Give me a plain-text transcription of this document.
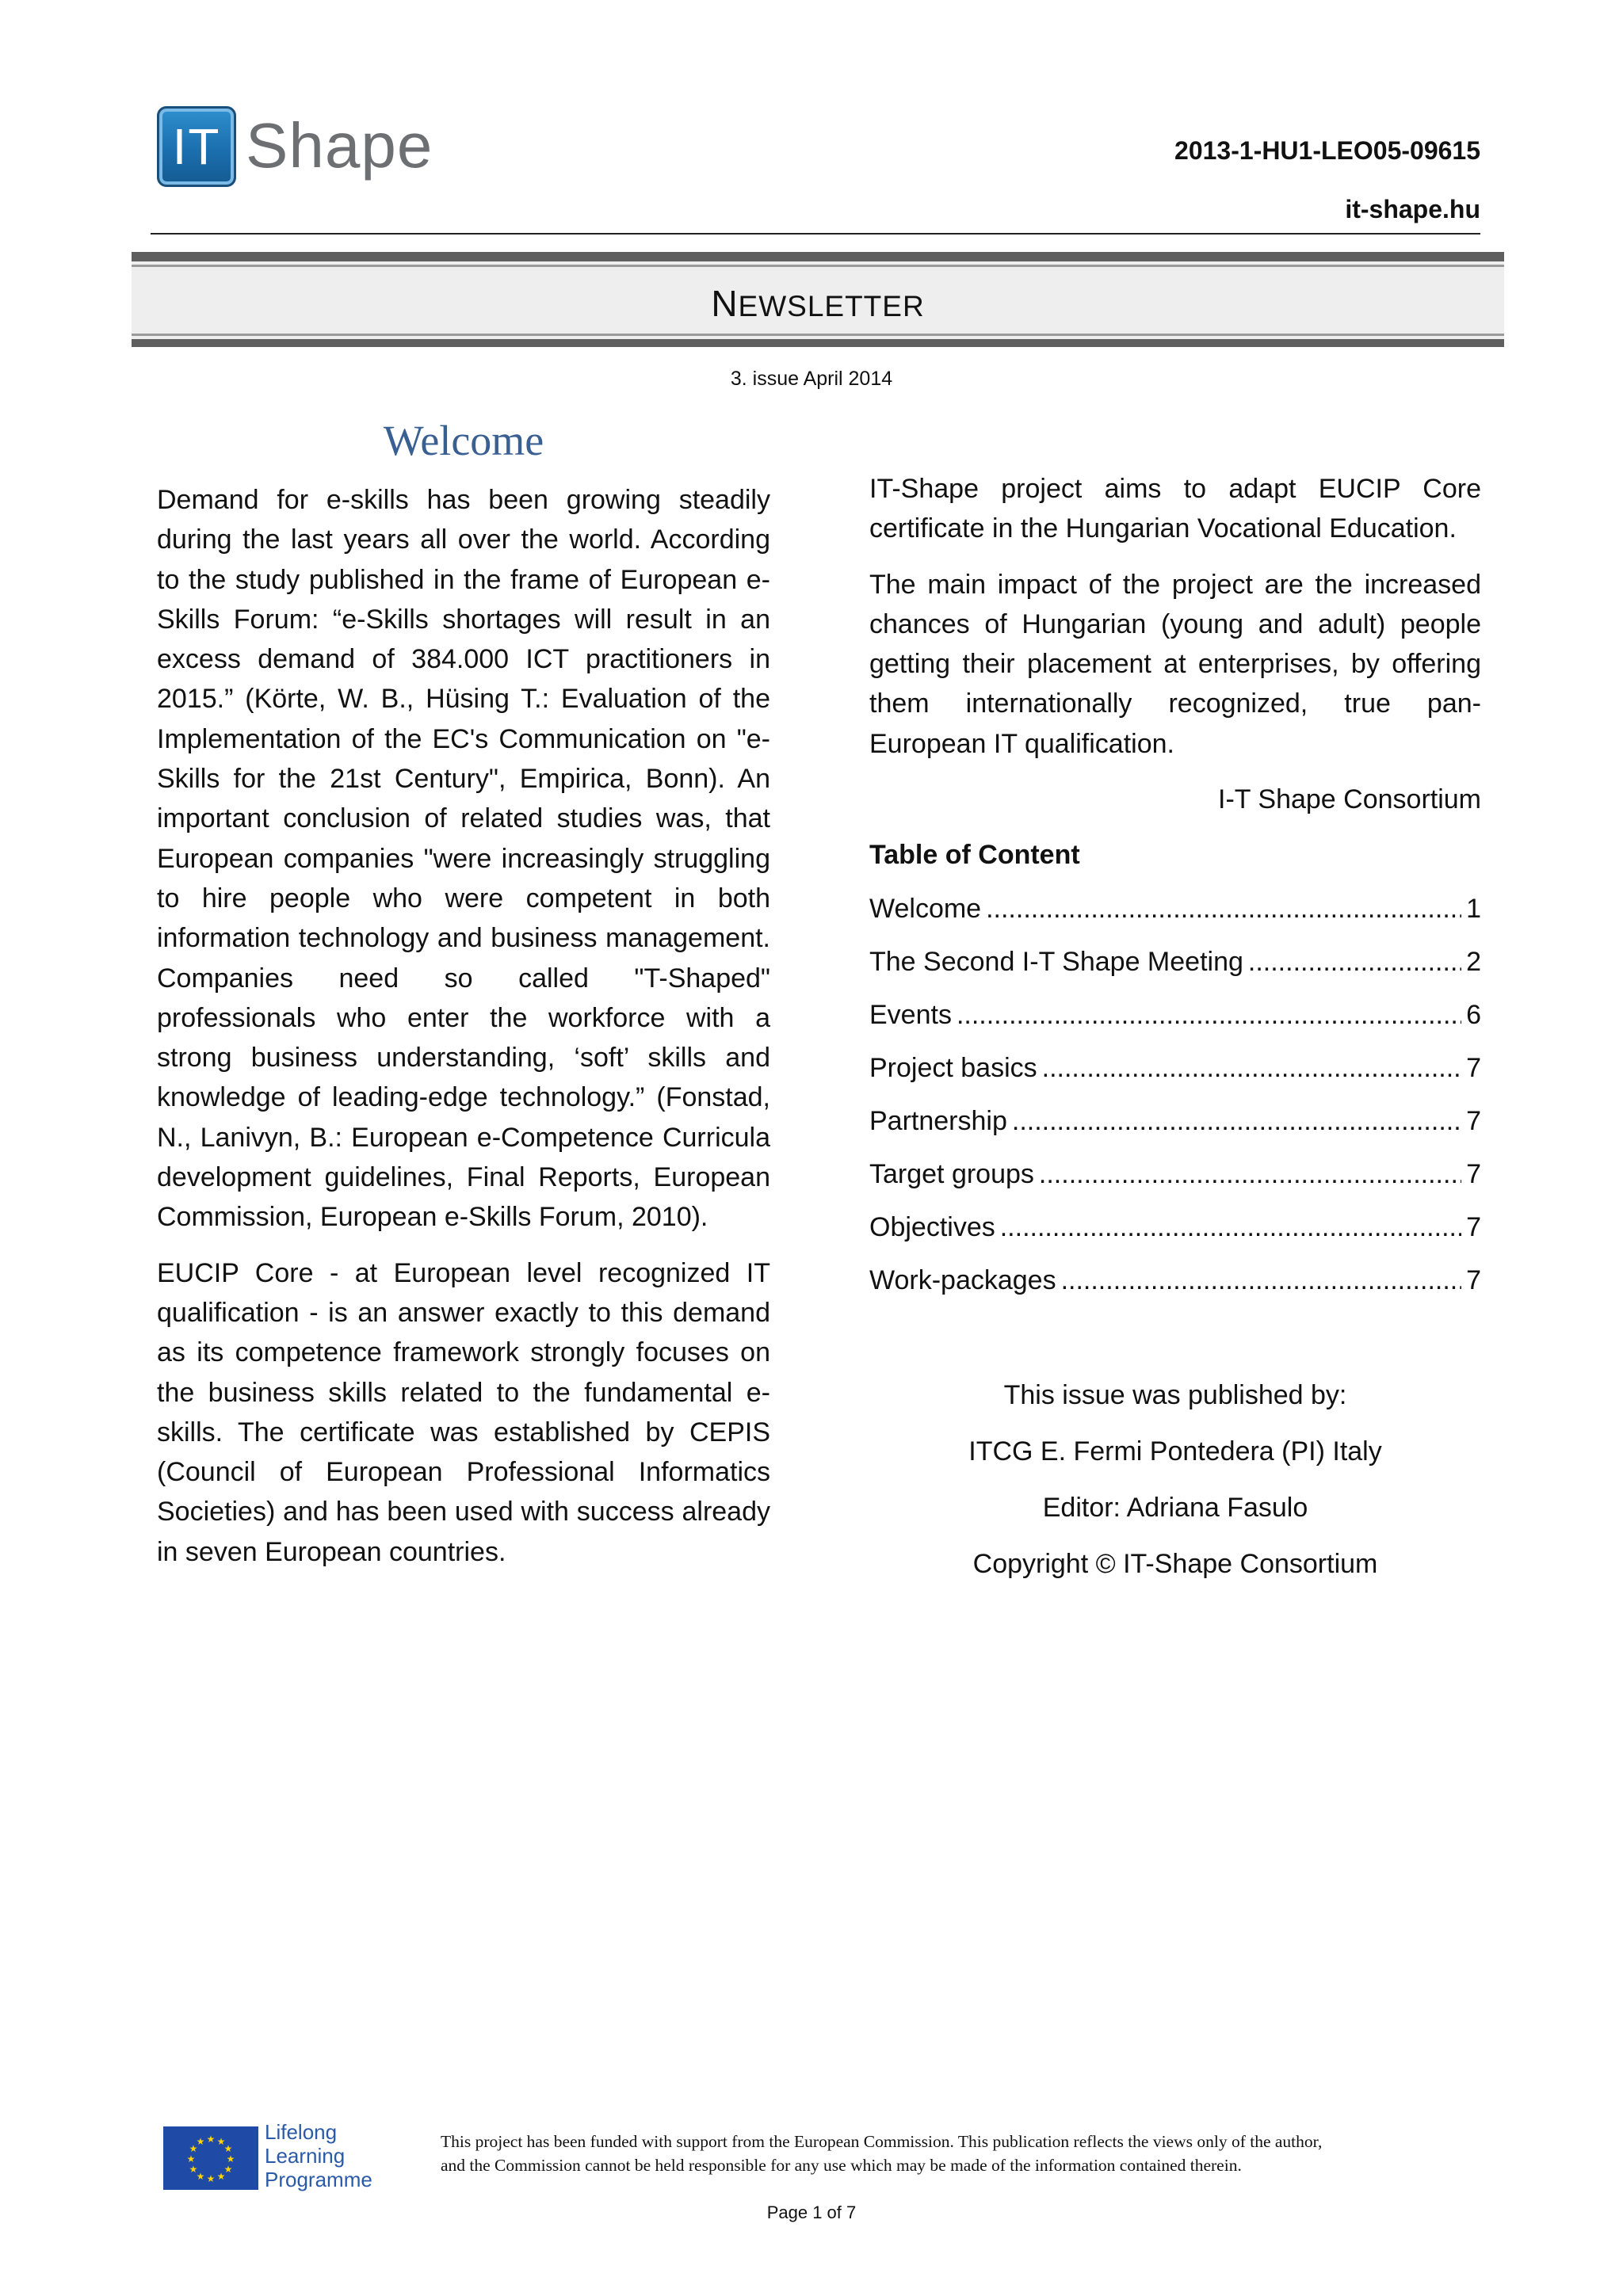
IT Shape	2013-1-HU1-LEO05-09615
it-shape.hu
NEWSLETTER
3. issue April 2014
Welcome

Demand for e-skills has been growing steadily during the last years all over the world. According to the study published in the frame of European e-Skills Forum: “e-Skills shortages will result in an excess demand of 384.000 ICT practitioners in 2015.” (Körte, W. B., Hüsing T.: Evaluation of the Implementation of the EC's Communication on "e-Skills for the 21st Century", Empirica, Bonn). An important conclusion of related studies was, that European companies "were increasingly struggling to hire people who were competent in both information technology and business management. Companies need so called "T-Shaped" professionals who enter the workforce with a strong business understanding, ‘soft’ skills and knowledge of leading-edge technology.” (Fonstad, N., Lanivyn, B.: European e-Competence Curricula development guidelines, Final Reports, European Commission, European e-Skills Forum, 2010).

EUCIP Core - at European level recognized IT qualification - is an answer exactly to this demand as its competence framework strongly focuses on the business skills related to the fundamental e-skills. The certificate was established by CEPIS (Council of European Professional Informatics Societies) and has been used with success already in seven European countries.

IT-Shape project aims to adapt EUCIP Core certificate in the Hungarian Vocational Education.

The main impact of the project are the increased chances of Hungarian (young and adult) people getting their placement at enterprises, by offering them internationally recognized, true pan-European IT qualification.

I-T Shape Consortium

Table of Content
Welcome .....	1
The Second I-T Shape Meeting .....	2
Events .....	6
Project basics .....	7
Partnership .....	7
Target groups .....	7
Objectives .....	7
Work-packages .....	7
This issue was published by:
ITCG E. Fermi Pontedera (PI) Italy
Editor: Adriana Fasulo
Copyright © IT-Shape Consortium
★ ★
★
★
★
★
★
★
★
★
★
★	Lifelong
Learning
Programme
This project has been funded with support from the European Commission. This publication reflects the views only of the author,
and the Commission cannot be held responsible for any use which may be made of the information contained therein.
Page 1 of 7
